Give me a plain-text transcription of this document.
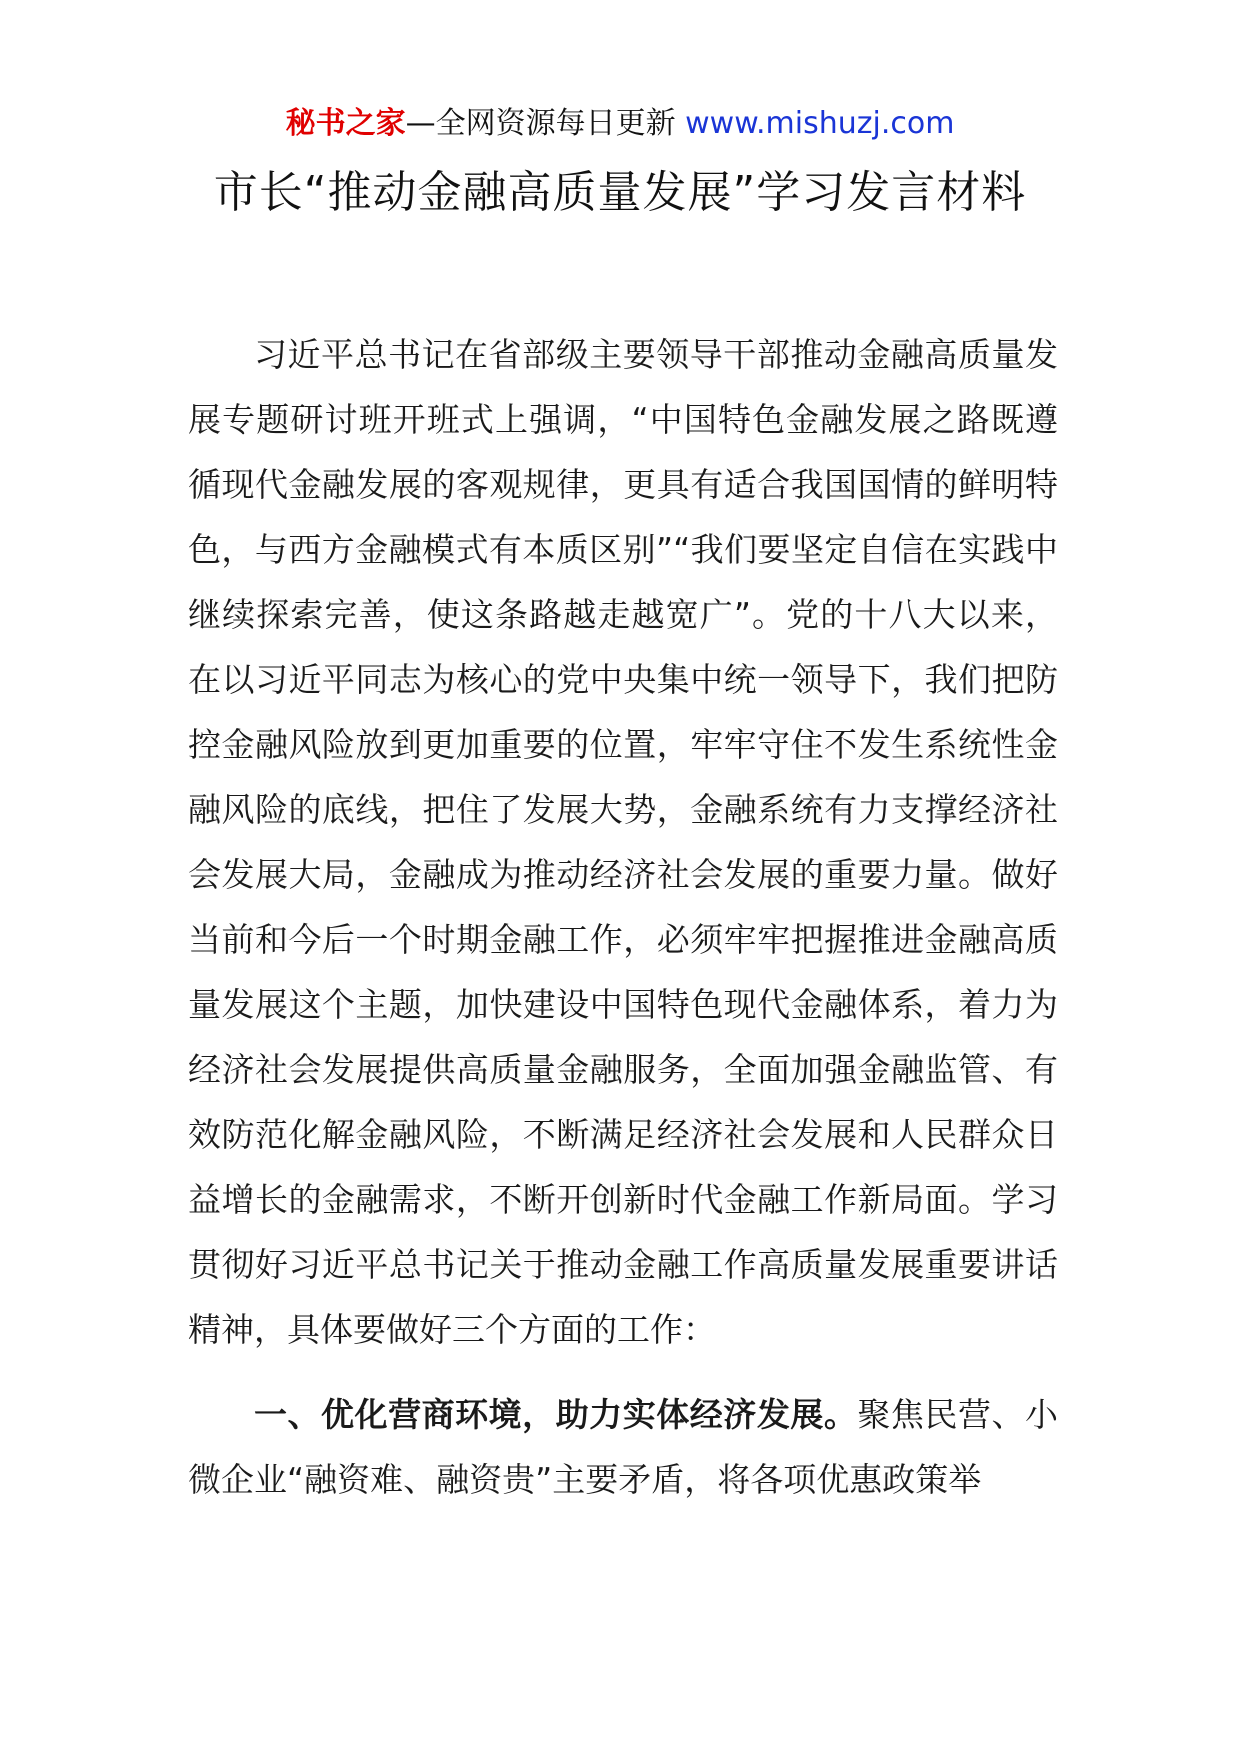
秘书之家—全网资源每日更新 www.mishuzj.com
市长“推动金融高质量发展”学习发言材料

习近平总书记在省部级主要领导干部推动金融高质量发展专题研讨班开班式上强调，“中国特色金融发展之路既遵循现代金融发展的客观规律，更具有适合我国国情的鲜明特色，与西方金融模式有本质区别”“我们要坚定自信在实践中继续探索完善，使这条路越走越宽广”。党的十八大以来，在以习近平同志为核心的党中央集中统一领导下，我们把防控金融风险放到更加重要的位置，牢牢守住不发生系统性金融风险的底线，把住了发展大势，金融系统有力支撑经济社会发展大局，金融成为推动经济社会发展的重要力量。做好当前和今后一个时期金融工作，必须牢牢把握推进金融高质量发展这个主题，加快建设中国特色现代金融体系，着力为经济社会发展提供高质量金融服务，全面加强金融监管、有效防范化解金融风险，不断满足经济社会发展和人民群众日益增长的金融需求，不断开创新时代金融工作新局面。学习贯彻好习近平总书记关于推动金融工作高质量发展重要讲话精神，具体要做好三个方面的工作：

一、优化营商环境，助力实体经济发展。聚焦民营、小微企业“融资难、融资贵”主要矛盾，将各项优惠政策举
